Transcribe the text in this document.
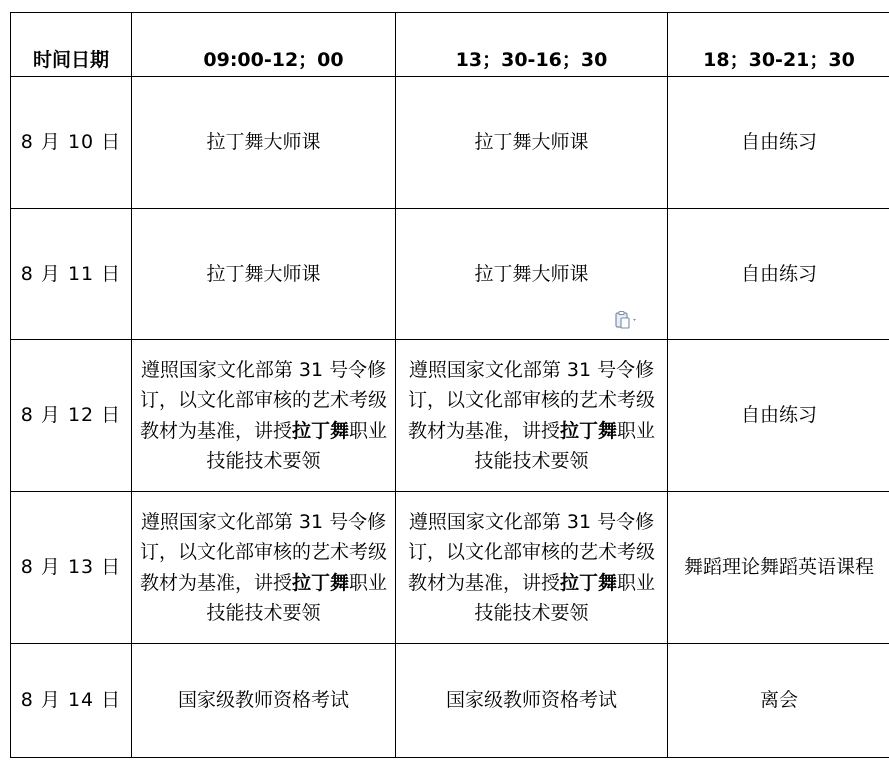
时间日期	09:00-12；00	13；30-16；30	18；30-21；30
8 月 10 日	拉丁舞大师课	拉丁舞大师课	自由练习
8 月 11 日	拉丁舞大师课	拉丁舞大师课	自由练习
8 月 12 日	遵照国家文化部第 31 号令修订，以文化部审核的艺术考级教材为基准，讲授拉丁舞职业技能技术要领	遵照国家文化部第 31 号令修订，以文化部审核的艺术考级教材为基准，讲授拉丁舞职业技能技术要领	自由练习
8 月 13 日	遵照国家文化部第 31 号令修订，以文化部审核的艺术考级教材为基准，讲授拉丁舞职业技能技术要领	遵照国家文化部第 31 号令修订，以文化部审核的艺术考级教材为基准，讲授拉丁舞职业技能技术要领	舞蹈理论舞蹈英语课程
8 月 14 日	国家级教师资格考试	国家级教师资格考试	离会
